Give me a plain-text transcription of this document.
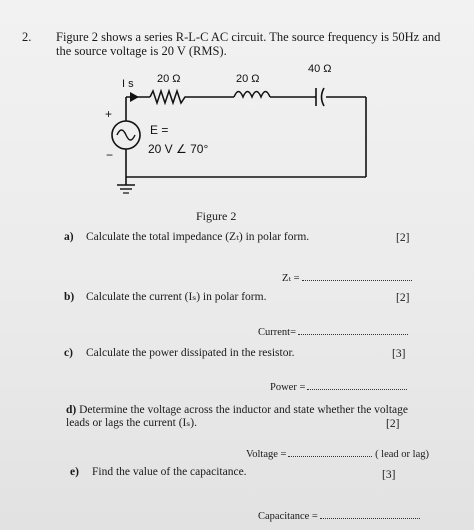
2. Figure 2 shows a series R-L-C AC circuit. The source frequency is 50Hz and the source voltage is 20 V (RMS).
I s 20 Ω	20 Ω
40 Ω
+
−
E =
20 V ∠ 70°
Figure 2
a) Calculate the total impedance (Zₜ) in polar form.	[2]
Zₜ =
b) Calculate the current (Iₛ) in polar form.	[2]
Current=
c) Calculate the power dissipated in the resistor.	[3]
Power =
d) Determine the voltage across the inductor and state whether the voltage leads or lags the current (Iₛ).	[2]
Voltage =	( lead or lag)
e) Find the value of the capacitance.	[3]
Capacitance =
